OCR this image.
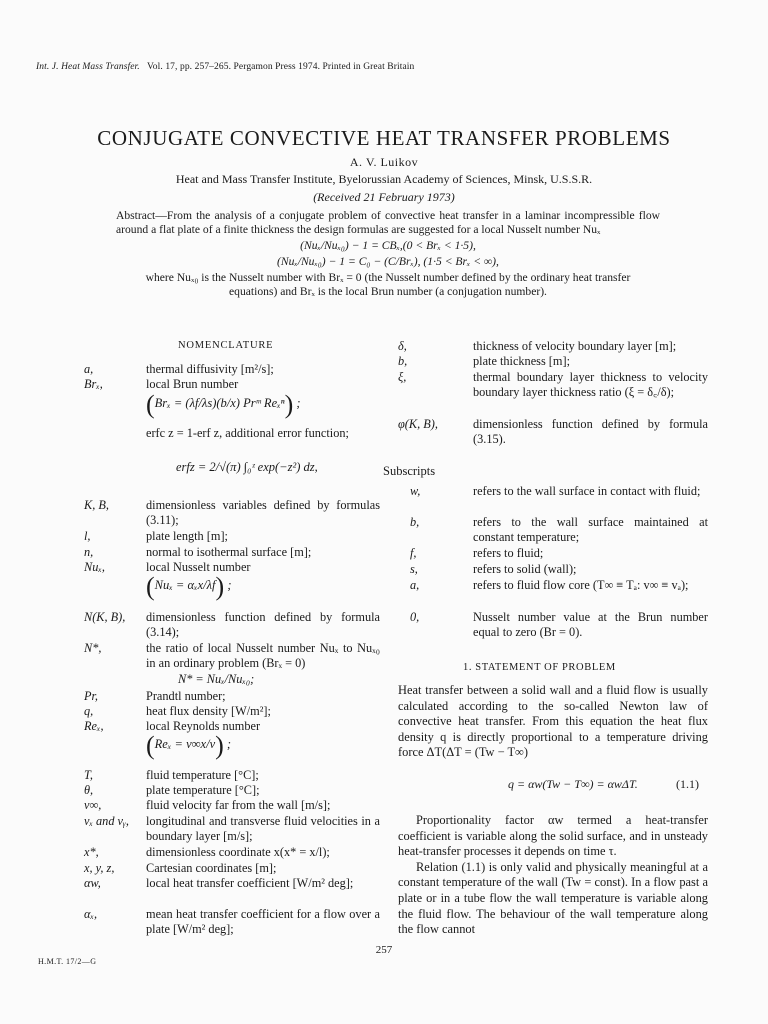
Int. J. Heat Mass Transfer. Vol. 17, pp. 257–265. Pergamon Press 1974. Printed in Great Britain
CONJUGATE CONVECTIVE HEAT TRANSFER PROBLEMS
A. V. Luikov
Heat and Mass Transfer Institute, Byelorussian Academy of Sciences, Minsk, U.S.S.R.
(Received 21 February 1973)
Abstract—From the analysis of a conjugate problem of convective heat transfer in a laminar incompressible flow around a flat plate of a finite thickness the design formulas are suggested for a local Nusselt number Nuₓ
(Nuₓ/Nuₓ₀) − 1 = CBₓ,(0 < Brₓ < 1·5),
(Nuₓ/Nuₓ₀) − 1 = C₀ − (C/Brₓ), (1·5 < Brₓ < ∞),
where Nuₓ₀ is the Nusselt number with Brₓ = 0 (the Nusselt number defined by the ordinary heat transfer
equations) and Brₓ is the local Brun number (a conjugation number).
NOMENCLATURE
a,	thermal diffusivity [m²/s];
Brₓ,	local Brun number
(Brₓ = (λf/λs)(b/x) Prᵐ Reₓⁿ) ;
erfc z = 1-erf z, additional error function;
erfz = 2/√(π) ∫₀ᶻ exp(−z²) dz,
K, B,	dimensionless variables defined by formulas (3.11);
l,	plate length [m];
n,	normal to isothermal surface [m];
Nuₓ,	local Nusselt number
(Nuₓ = αₓx/λf) ;
N(K, B), dimensionless function defined by formula (3.14);
N*,	the ratio of local Nusselt number Nuₓ to Nuₓ₀ in an ordinary problem (Brₓ = 0)
N* = Nuₓ/Nuₓ₀;
Pr,	Prandtl number;
q,	heat flux density [W/m²];
Reₓ,	local Reynolds number
(Reₓ = v∞x/ν) ;
T,	fluid temperature [°C];
θ,	plate temperature [°C];
v∞,	fluid velocity far from the wall [m/s];
vₓ and vᵧ, longitudinal and transverse fluid velocities in a boundary layer [m/s];
x*,	dimensionless coordinate x(x* = x/l);
x, y, z,	Cartesian coordinates [m];
αw,	local heat transfer coefficient [W/m² deg];
αₓ,	mean heat transfer coefficient for a flow over a plate [W/m² deg];
δ,	thickness of velocity boundary layer [m];
b,	plate thickness [m];
ξ,	thermal boundary layer thickness to velocity boundary layer thickness ratio (ξ = δ꜀/δ);
φ(K, B),	dimensionless function defined by formula (3.15).
w,	refers to the wall surface in contact with fluid;
b,	refers to the wall surface maintained at constant temperature;
f,	refers to fluid;
s,	refers to solid (wall);
a,	refers to fluid flow core (T∞ ≡ Tₐ: v∞ ≡ vₐ);
0,	Nusselt number value at the Brun number equal to zero (Br = 0).
Subscripts
1. STATEMENT OF PROBLEM
Heat transfer between a solid wall and a fluid flow is usually calculated according to the so-called Newton law of convective heat transfer. From this equation the heat flux density q is directly proportional to a temperature driving force ΔT(ΔT = (Tw − T∞)
q = αw(Tw − T∞) = αwΔT.	(1.1)

Proportionality factor αw termed a heat-transfer coefficient is variable along the solid surface, and in unsteady heat-transfer processes it depends on time τ.

Relation (1.1) is only valid and physically meaningful at a constant temperature of the wall (Tw = const). In a flow past a plate or in a tube flow the wall temperature is variable along the fluid flow. The behaviour of the wall temperature along the flow cannot

257
H.M.T. 17/2—G
